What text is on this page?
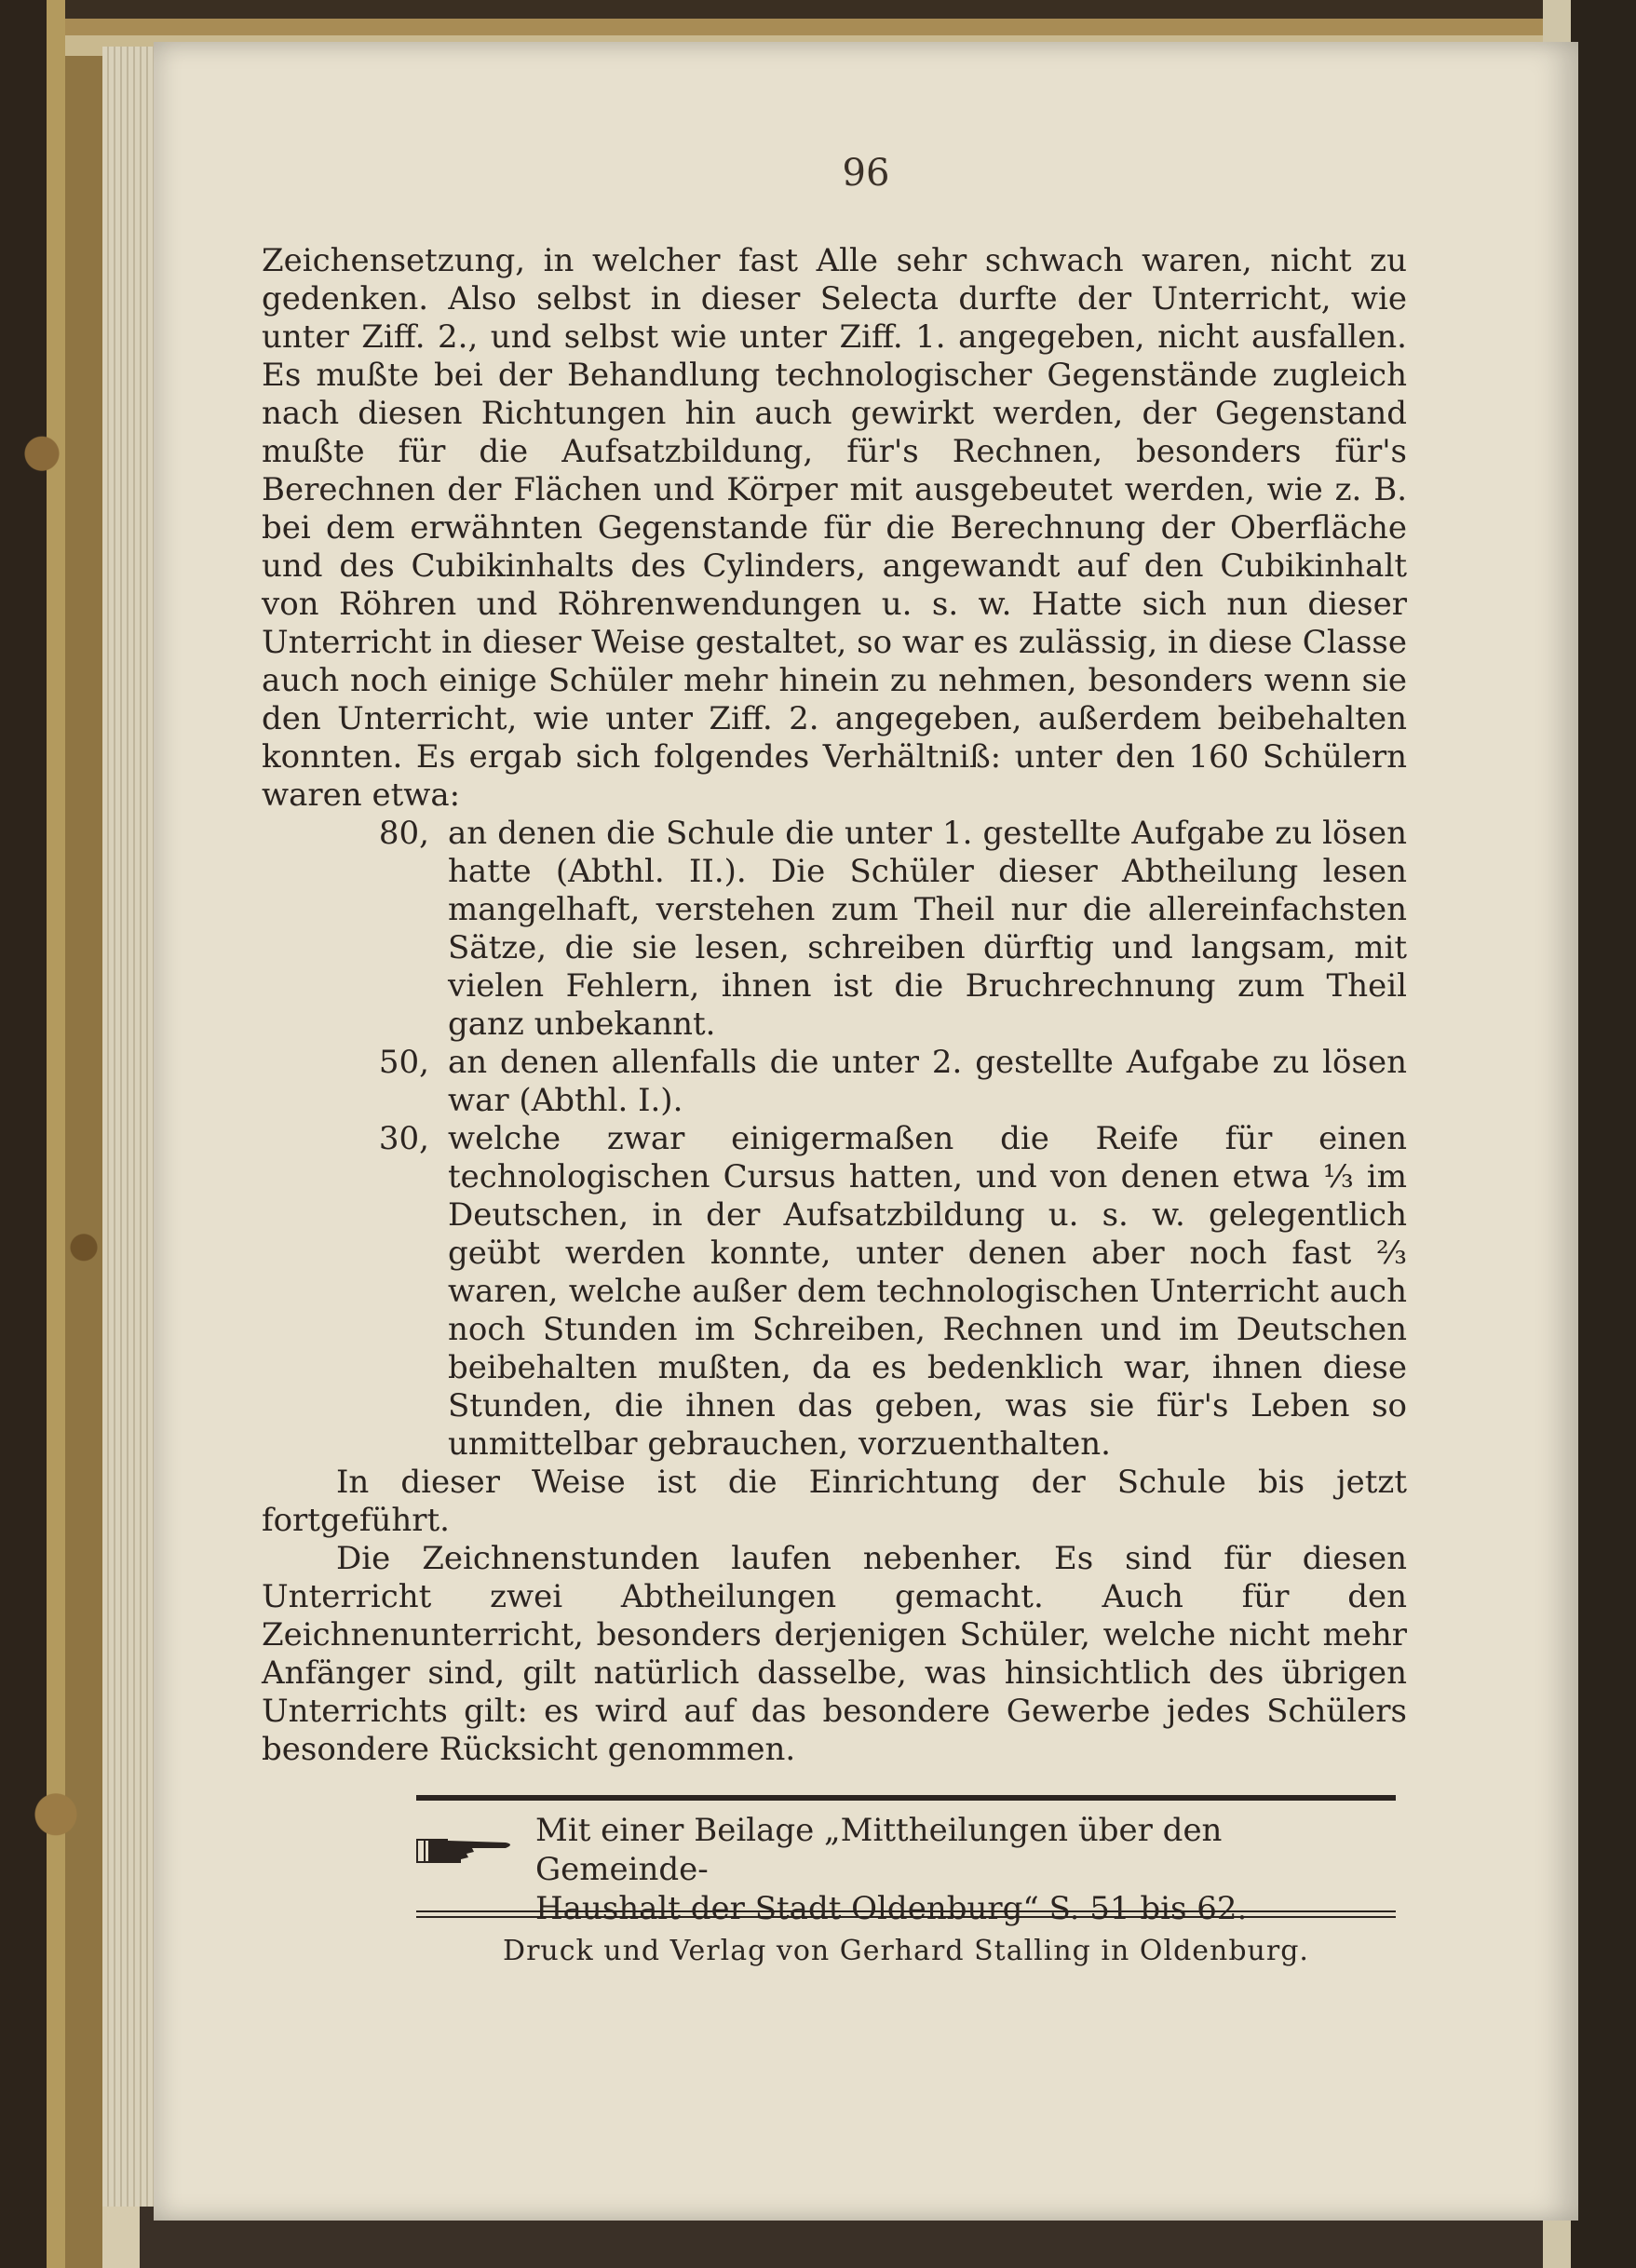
96

Zeichensetzung, in welcher fast Alle sehr schwach waren, nicht zu gedenken. Also selbst in dieser Selecta durfte der Unterricht, wie unter Ziff. 2., und selbst wie unter Ziff. 1. angegeben, nicht ausfallen. Es mußte bei der Behandlung technologischer Gegenstände zugleich nach diesen Richtungen hin auch gewirkt werden, der Gegenstand mußte für die Aufsatzbildung, für's Rechnen, besonders für's Berechnen der Flächen und Körper mit ausgebeutet werden, wie z. B. bei dem erwähnten Gegenstande für die Berechnung der Oberfläche und des Cubikinhalts des Cylinders, angewandt auf den Cubikinhalt von Röhren und Röhrenwendungen u. s. w. Hatte sich nun dieser Unterricht in dieser Weise gestaltet, so war es zulässig, in diese Classe auch noch einige Schüler mehr hinein zu nehmen, besonders wenn sie den Unterricht, wie unter Ziff. 2. angegeben, außerdem beibehalten konnten. Es ergab sich folgendes Verhältniß: unter den 160 Schülern waren etwa:

80, an denen die Schule die unter 1. gestellte Aufgabe zu lösen hatte (Abthl. II.). Die Schüler dieser Abtheilung lesen mangelhaft, verstehen zum Theil nur die allereinfachsten Sätze, die sie lesen, schreiben dürftig und langsam, mit vielen Fehlern, ihnen ist die Bruchrechnung zum Theil ganz unbekannt.
50, an denen allenfalls die unter 2. gestellte Aufgabe zu lösen war (Abthl. I.).
30, welche zwar einigermaßen die Reife für einen technologischen Cursus hatten, und von denen etwa ⅓ im Deutschen, in der Aufsatzbildung u. s. w. gelegentlich geübt werden konnte, unter denen aber noch fast ⅔ waren, welche außer dem technologischen Unterricht auch noch Stunden im Schreiben, Rechnen und im Deutschen beibehalten mußten, da es bedenklich war, ihnen diese Stunden, die ihnen das geben, was sie für's Leben so unmittelbar gebrauchen, vorzuenthalten.

In dieser Weise ist die Einrichtung der Schule bis jetzt fortgeführt.

Die Zeichnenstunden laufen nebenher. Es sind für diesen Unterricht zwei Abtheilungen gemacht. Auch für den Zeichnenunterricht, besonders derjenigen Schüler, welche nicht mehr Anfänger sind, gilt natürlich dasselbe, was hinsichtlich des übrigen Unterrichts gilt: es wird auf das besondere Gewerbe jedes Schülers besondere Rücksicht genommen.

Mit einer Beilage „Mittheilungen über den Gemeinde-
Haushalt der Stadt Oldenburg“ S. 51 bis 62.
Druck und Verlag von Gerhard Stalling in Oldenburg.
